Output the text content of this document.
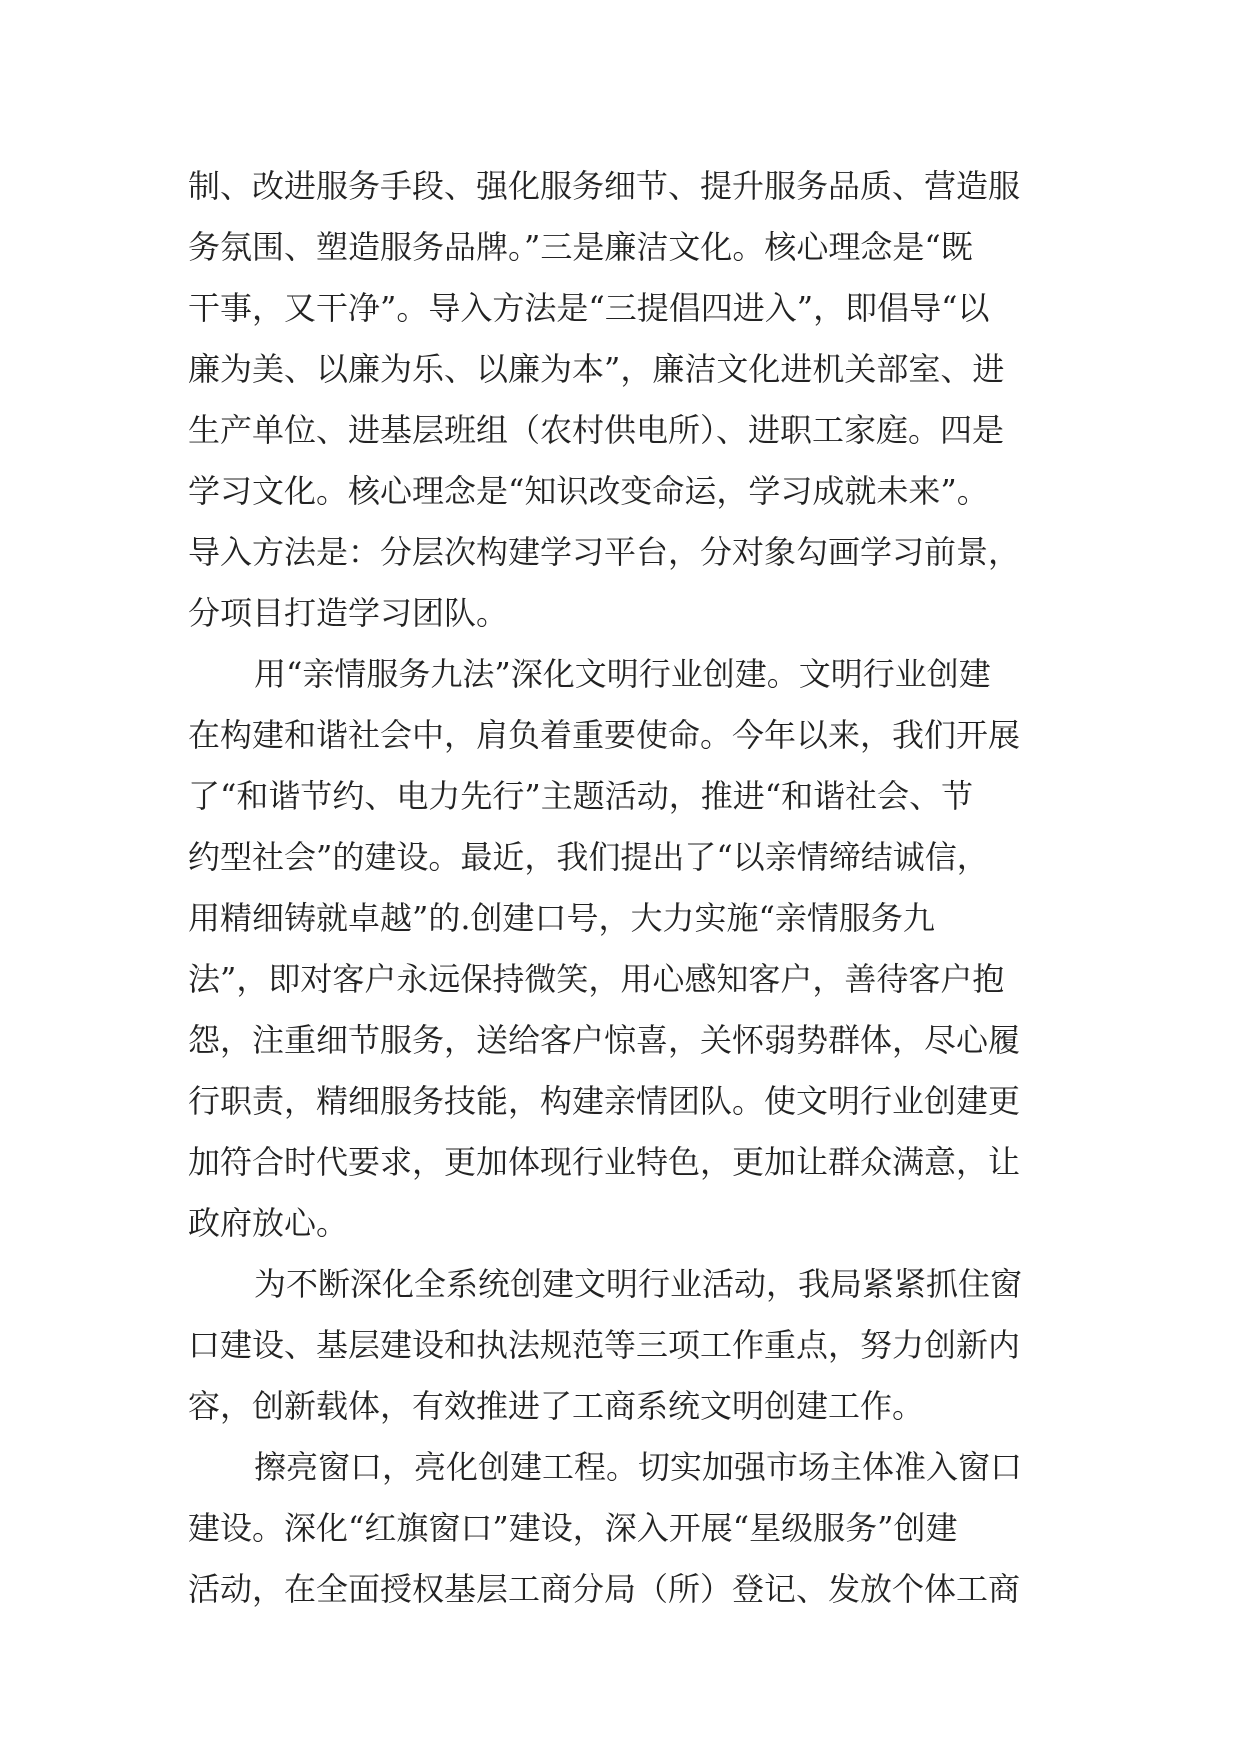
制、改进服务手段、强化服务细节、提升服务品质、营造服
务氛围、塑造服务品牌。”三是廉洁文化。核心理念是“既
干事，又干净”。导入方法是“三提倡四进入”，即倡导“以
廉为美、以廉为乐、以廉为本”，廉洁文化进机关部室、进
生产单位、进基层班组（农村供电所）、进职工家庭。四是
学习文化。核心理念是“知识改变命运，学习成就未来”。
导入方法是：分层次构建学习平台，分对象勾画学习前景，
分项目打造学习团队。
用“亲情服务九法”深化文明行业创建。文明行业创建
在构建和谐社会中，肩负着重要使命。今年以来，我们开展
了“和谐节约、电力先行”主题活动，推进“和谐社会、节
约型社会”的建设。最近，我们提出了“以亲情缔结诚信，
用精细铸就卓越”的.创建口号，大力实施“亲情服务九
法”，即对客户永远保持微笑，用心感知客户，善待客户抱
怨，注重细节服务，送给客户惊喜，关怀弱势群体，尽心履
行职责，精细服务技能，构建亲情团队。使文明行业创建更
加符合时代要求，更加体现行业特色，更加让群众满意，让
政府放心。
为不断深化全系统创建文明行业活动，我局紧紧抓住窗
口建设、基层建设和执法规范等三项工作重点，努力创新内
容，创新载体，有效推进了工商系统文明创建工作。
擦亮窗口，亮化创建工程。切实加强市场主体准入窗口
建设。深化“红旗窗口”建设，深入开展“星级服务”创建
活动，在全面授权基层工商分局（所）登记、发放个体工商
